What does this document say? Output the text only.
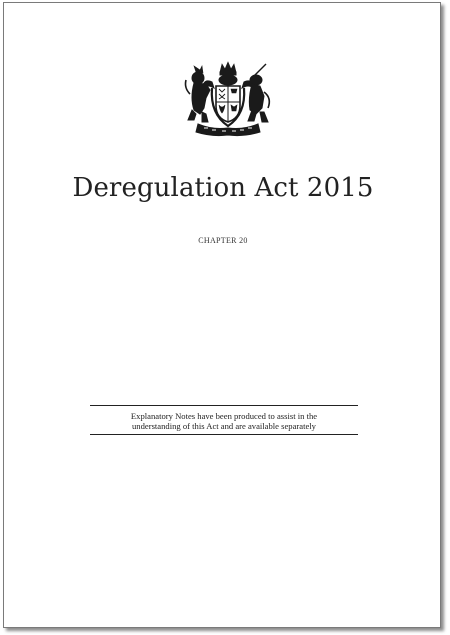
Deregulation Act 2015
CHAPTER 20
Explanatory Notes have been produced to assist in the
understanding of this Act and are available separately
